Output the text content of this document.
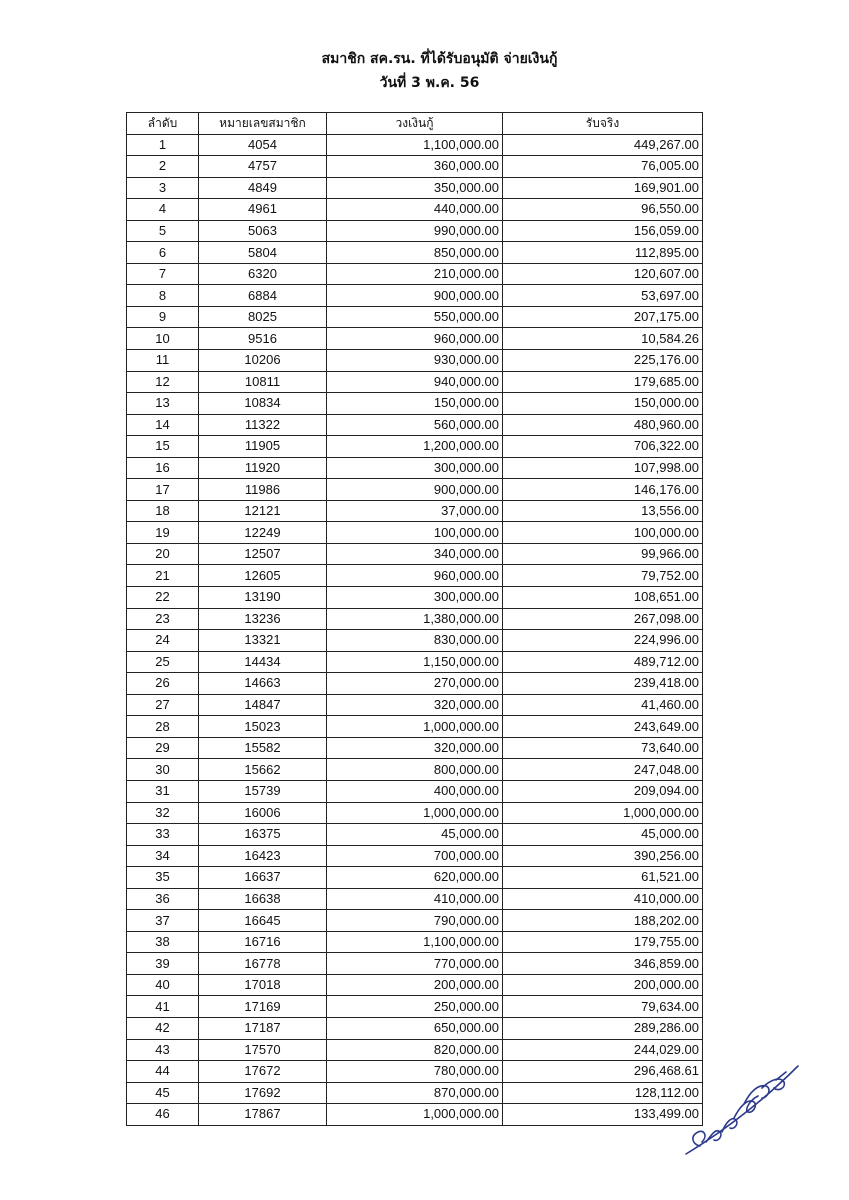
สมาชิก สค.รน. ที่ได้รับอนุมัติ จ่ายเงินกู้
วันที่ 3 พ.ค. 56
ลำดับ	หมายเลขสมาชิก	วงเงินกู้	รับจริง
1	4054	1,100,000.00	449,267.00
2	4757	360,000.00	76,005.00
3	4849	350,000.00	169,901.00
4	4961	440,000.00	96,550.00
5	5063	990,000.00	156,059.00
6	5804	850,000.00	112,895.00
7	6320	210,000.00	120,607.00
8	6884	900,000.00	53,697.00
9	8025	550,000.00	207,175.00
10	9516	960,000.00	10,584.26
11	10206	930,000.00	225,176.00
12	10811	940,000.00	179,685.00
13	10834	150,000.00	150,000.00
14	11322	560,000.00	480,960.00
15	11905	1,200,000.00	706,322.00
16	11920	300,000.00	107,998.00
17	11986	900,000.00	146,176.00
18	12121	37,000.00	13,556.00
19	12249	100,000.00	100,000.00
20	12507	340,000.00	99,966.00
21	12605	960,000.00	79,752.00
22	13190	300,000.00	108,651.00
23	13236	1,380,000.00	267,098.00
24	13321	830,000.00	224,996.00
25	14434	1,150,000.00	489,712.00
26	14663	270,000.00	239,418.00
27	14847	320,000.00	41,460.00
28	15023	1,000,000.00	243,649.00
29	15582	320,000.00	73,640.00
30	15662	800,000.00	247,048.00
31	15739	400,000.00	209,094.00
32	16006	1,000,000.00	1,000,000.00
33	16375	45,000.00	45,000.00
34	16423	700,000.00	390,256.00
35	16637	620,000.00	61,521.00
36	16638	410,000.00	410,000.00
37	16645	790,000.00	188,202.00
38	16716	1,100,000.00	179,755.00
39	16778	770,000.00	346,859.00
40	17018	200,000.00	200,000.00
41	17169	250,000.00	79,634.00
42	17187	650,000.00	289,286.00
43	17570	820,000.00	244,029.00
44	17672	780,000.00	296,468.61
45	17692	870,000.00	128,112.00
46	17867	1,000,000.00	133,499.00
